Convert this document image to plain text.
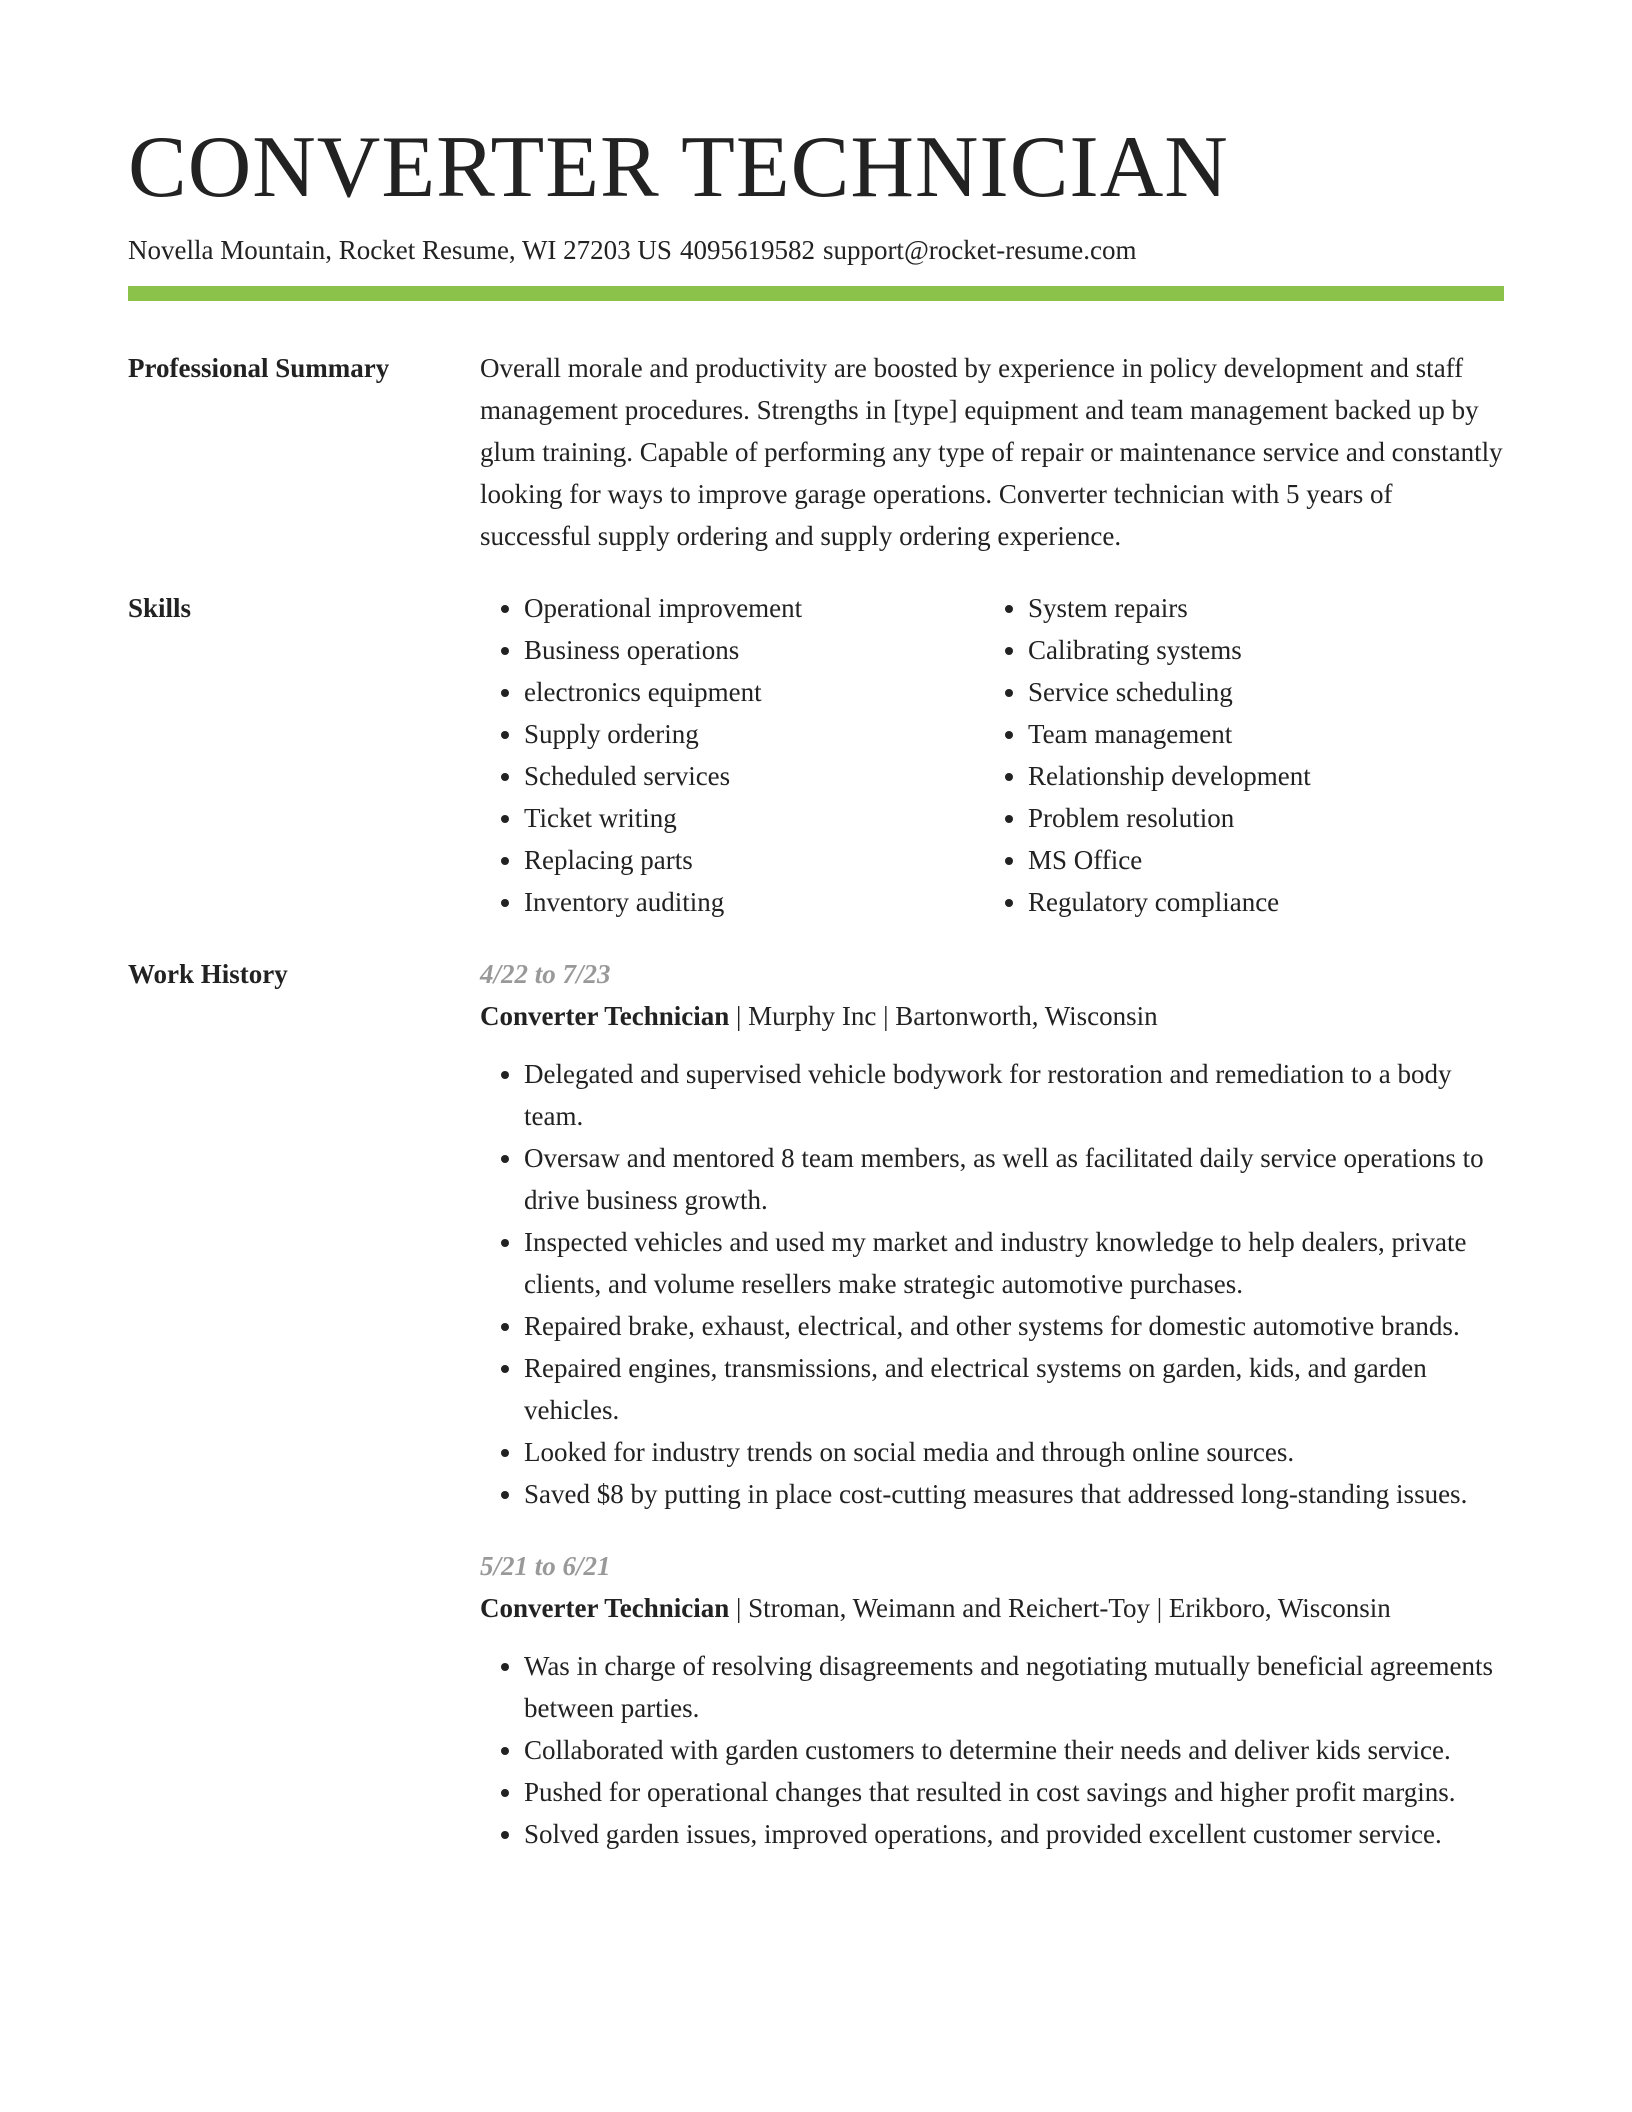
CONVERTER TECHNICIAN
Novella Mountain, Rocket Resume, WI 27203 US 4095619582 support@rocket-resume.com
Professional Summary	Overall morale and productivity are boosted by experience in policy development and staff management procedures. Strengths in [type] equipment and team management backed up by glum training. Capable of performing any type of repair or maintenance service and constantly looking for ways to improve garage operations. Converter technician with 5 years of successful supply ordering and supply ordering experience.

Skills
•	Operational improvement
• Business operations
• electronics equipment
• Supply ordering
• Scheduled services
• Ticket writing
• Replacing parts
• Inventory auditing
• System repairs
• Calibrating systems
• Service scheduling
• Team management
• Relationship development
• Problem resolution
• MS Office
• Regulatory compliance
Work History	4/22 to 7/23
Converter Technician | Murphy Inc | Bartonworth, Wisconsin
• Delegated and supervised vehicle bodywork for restoration and remediation to a body team.
• Oversaw and mentored 8 team members, as well as facilitated daily service operations to drive business growth.
• Inspected vehicles and used my market and industry knowledge to help dealers, private clients, and volume resellers make strategic automotive purchases.
• Repaired brake, exhaust, electrical, and other systems for domestic automotive brands.
• Repaired engines, transmissions, and electrical systems on garden, kids, and garden vehicles.
• Looked for industry trends on social media and through online sources.
• Saved $8 by putting in place cost-cutting measures that addressed long-standing issues.
5/21 to 6/21
Converter Technician | Stroman, Weimann and Reichert-Toy | Erikboro, Wisconsin
• Was in charge of resolving disagreements and negotiating mutually beneficial agreements between parties.
• Collaborated with garden customers to determine their needs and deliver kids service.
• Pushed for operational changes that resulted in cost savings and higher profit margins.
• Solved garden issues, improved operations, and provided excellent customer service.
